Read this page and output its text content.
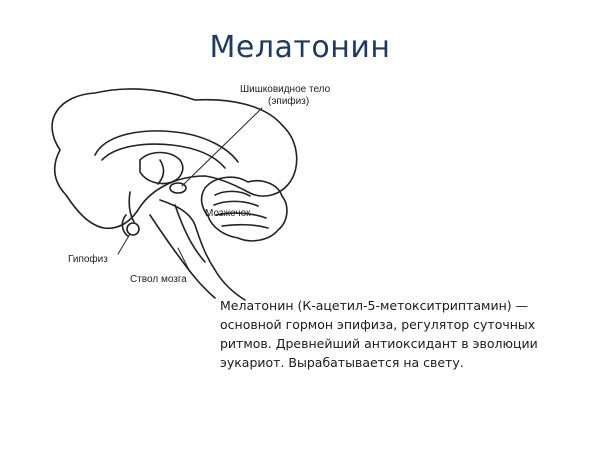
Мелатонин
Шишковидное тело
(эпифиз)
Мозжечок
Гипофиз
Ствол мозга
Мелатонин (К-ацетил-5-метокситриптамин) — основной гормон эпифиза, регулятор суточных ритмов. Древнейший антиоксидант в эволюции эукариот. Вырабатывается на свету.
